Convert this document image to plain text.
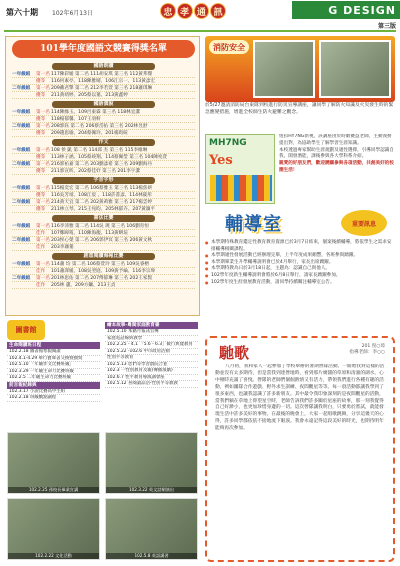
第六十期 102年6月13日	忠 孝 通 訊	G DESIGN
第三版
101學年度國語文競賽得獎名單
國語朗讀
一年級組	第一名 117陳彩媛 第二名 111胡安琪 第三名 112黃邦傑
優等	116何素亭、118陳雅晴、106江宗一、113黃彥宏
二年級組	第一名 209戴君擎 第二名 212李若萱 第三名 218蕭琪琳
優等	211黃靖婷、205蔡以蓁、213黃鑫婷
國語演說
一年級組	第一名 114陳綠玉、109呂東霖 第三名 118林宜潔
優等	118楊郁馨、107王羽軒
二年級組	第一名 208郭鈺 第二名 206蔡岱佑 第三名 202林昱舒
優等	209趙思瑜、204蔡佩玲、201楊昀暄
作文
一年級組	第一名 108 侯 凱 第二名 114邱 杰 第三名 115李維琳
優等	113林子涵、105蔡竣翔、114蔡佩瑩 第三名 104陳宛萱
二年級組	第一名 216郭祐嘉 第二名 203劉彥希 第三名 209劉海丹
優等	211郭宣昕、202蔡佳妤 第三名 201李宇潔
字音字形
一年級組	第一名 115楊奕宏 第二名 106蔡雅玉 第三名 113楊焦妍
優等	116吳芳靖、108江宸 、118許書彥、114林筱彤
二年級組	第一名 214黃天宜 第二名 202黃莉雅 第三名 217楊雲婷
優等	211林立琴、215王宛昀、205林郁卉、207黃韻平
書法比賽
一年級組	第一名 116李沛雅 第二名 114吳 珧 第三名 106劉育恒
佳作	107鄭暐筠、110陳海靚、113黃畊瑄
二年級組	第一名 203侯心榮 第二名 206郭伊冥 第三名 206黃文秋
佳作	203李珈蓁
創意閱讀海報比賽
一年級組	第一名 114蕭 均 第二名 106蔡萱玲 第三名 109吳睿榕
佳作	101蕭澤媛、108吳翌庭、109黃予綸、116李宗瑋
二年級組	第一名 201林思佑 第二名 207傅郁琳 第三名 202王家賢
佳作	205林 蕙、209方鏞、213王貞
圖書館
生命閱讀班日程
102.2.18 圖書館寒假閱讀
102.4.1-4.29 舉行寶庫書交換暨抽獎
102.5.10 「年級作文比賽班級」
102.3.29 一年級生命力比賽班級
102.2.5 二年級生命力比賽班級
前言報紀錄與
102.3.17 小說比賽高中生組
102.2.18 班級觀點議程
繪本故事-粵閩家庭教育書
102.5.10 本籍月報訊官傳
家庭電話線與教學
102.2.25 - 4.1 「5.6 - 6.3」微行典覽教育
102.5.22 -102.6 中市政府活動
性別平等教育
102.5.13 您們等學習戲院合並
102.3 一性別教育及親(傳播演劇)
102.6.7 性平教育導演講會座
102.5.12 喜閱讀品活-性別平等教教
102.2.25 孫校長畢業宣講	102.3.22 英文話劇演出
102.2.22 文化活動	102.5.8 英語講習
消防安全
於5/27邀請消防局台東隊到校進行防災宣導講座，讓同學了解防火知識及火災發生時的緊急應變措施，增進全校師生防火避難之觀念。
MH7NG
Yes
恆扣HY7NG新視，該講座由於時數優益老師，主動義務提出對，為協助學生了解學習生涯知識。
本校透過專家幫助生涯規劃及適性選擇，引導同學認識自我、開發潛能，課後參與各大學科系介紹。
親愛的好朋友們，歡迎踴躍參與各項活動，共創美好的校園生活！
輔導室	重要訊息
● 本學期特殊教育鑑定性教育教育資源已於3月7日結束，個案後續輔導，將依學生之需求安排輔導相關課程。
● 本學期適性發展活動已經辦理完畢，上半年度成果頗豐，各班參與踴躍。
● 本學期畢業生升學輔導說明會已於4月舉行，家長出席踴躍。
● 本學期特教為日於3月18日起，主題為：認識自己與他人。
● 102學年度新生輔導說明會將於6月8日舉行，請家長踴躍參加。
● 102學年度生涯發展教育活動，請同學持續關注輔導室公告。
馳歌	201 倪○璋
指導老師：李○○
八月初，我和家人一起參加了學校舉辦的暑期營隊活動。一開始我對這樣的活動並沒有太多期待，但是當我到達營地時，看到那片廣闊的草原和清澈的湖水，心中頓時充滿了喜悅。營隊的老師們個個熱情又有活力，帶領我們進行各種有趣的活動，例如團隊合作遊戲、野外求生訓練、夜間觀星等等。每一項活動都讓我學到了很多東西，也讓我認識了許多新朋友。其中最令我印象深刻的是夜間觀星的活動，當我們躺在草地上仰望星空時，老師告訴我們許多關於星座的故事，那一刻我覺得自己好渺小，也更加珍惜身邊的一切。這次營隊讓我明白，只要勇於嘗試，就能發現生活中許多美好的事物。在最後的晚會上，大家一起唱歌跳舞，分享這幾天的心得，許多同學都依依不捨地流下眼淚。我會永遠記得這段美好的時光，也期待明年能夠再次參加。
